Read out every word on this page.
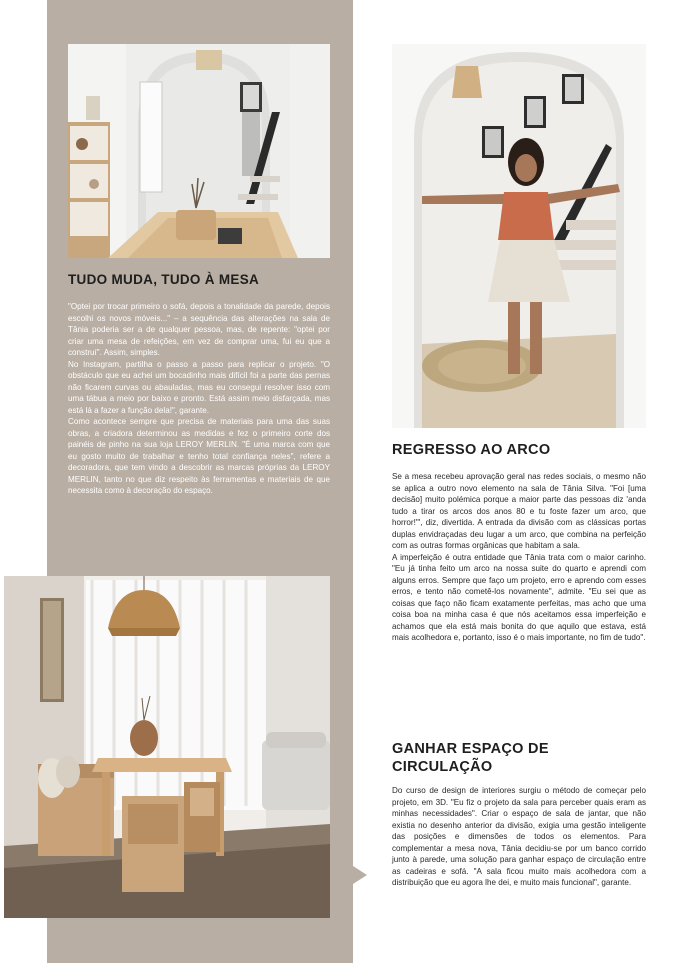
TUDO MUDA, TUDO À MESA

"Optei por trocar primeiro o sofá, depois a tonalidade da parede, depois escolhi os novos móveis..." – a sequência das alterações na sala de Tânia poderia ser a de qualquer pessoa, mas, de repente: "optei por criar uma mesa de refeições, em vez de comprar uma, fui eu que a construí". Assim, simples.

No Instagram, partilha o passo a passo para replicar o projeto. "O obstáculo que eu achei um bocadinho mais difícil foi a parte das pernas não ficarem curvas ou abauladas, mas eu consegui resolver isso com uma tábua a meio por baixo e pronto. Está assim meio disfarçada, mas está lá a fazer a função dela!", garante.

Como acontece sempre que precisa de materiais para uma das suas obras, a criadora determinou as medidas e fez o primeiro corte dos painéis de pinho na sua loja LEROY MERLIN. "É uma marca com que eu gosto muito de trabalhar e tenho total confiança neles", refere a decoradora, que tem vindo a descobrir as marcas próprias da LEROY MERLIN, tanto no que diz respeito às ferramentas e materiais de que necessita como à decoração do espaço.

REGRESSO AO ARCO

Se a mesa recebeu aprovação geral nas redes sociais, o mesmo não se aplica a outro novo elemento na sala de Tânia Silva. "Foi [uma decisão] muito polémica porque a maior parte das pessoas diz 'anda tudo a tirar os arcos dos anos 80 e tu foste fazer um arco, que horror!'", diz, divertida. A entrada da divisão com as clássicas portas duplas envidraçadas deu lugar a um arco, que combina na perfeição com as outras formas orgânicas que habitam a sala.

A imperfeição é outra entidade que Tânia trata com o maior carinho. "Eu já tinha feito um arco na nossa suite do quarto e aprendi com alguns erros. Sempre que faço um projeto, erro e aprendo com esses erros, e tento não cometê-los novamente", admite. "Eu sei que as coisas que faço não ficam exatamente perfeitas, mas acho que uma coisa boa na minha casa é que nós aceitamos essa imperfeição e achamos que ela está mais bonita do que aquilo que estava, está mais acolhedora e, portanto, isso é o mais importante, no fim de tudo".

GANHAR ESPAÇO DE
CIRCULAÇÃO

Do curso de design de interiores surgiu o método de começar pelo projeto, em 3D. "Eu fiz o projeto da sala para perceber quais eram as minhas necessidades". Criar o espaço de sala de jantar, que não existia no desenho anterior da divisão, exigia uma gestão inteligente das posições e dimensões de todos os elementos. Para complementar a mesa nova, Tânia decidiu-se por um banco corrido junto à parede, uma solução para ganhar espaço de circulação entre as cadeiras e sofá. "A sala ficou muito mais acolhedora com a distribuição que eu agora lhe dei, e muito mais funcional", garante.
